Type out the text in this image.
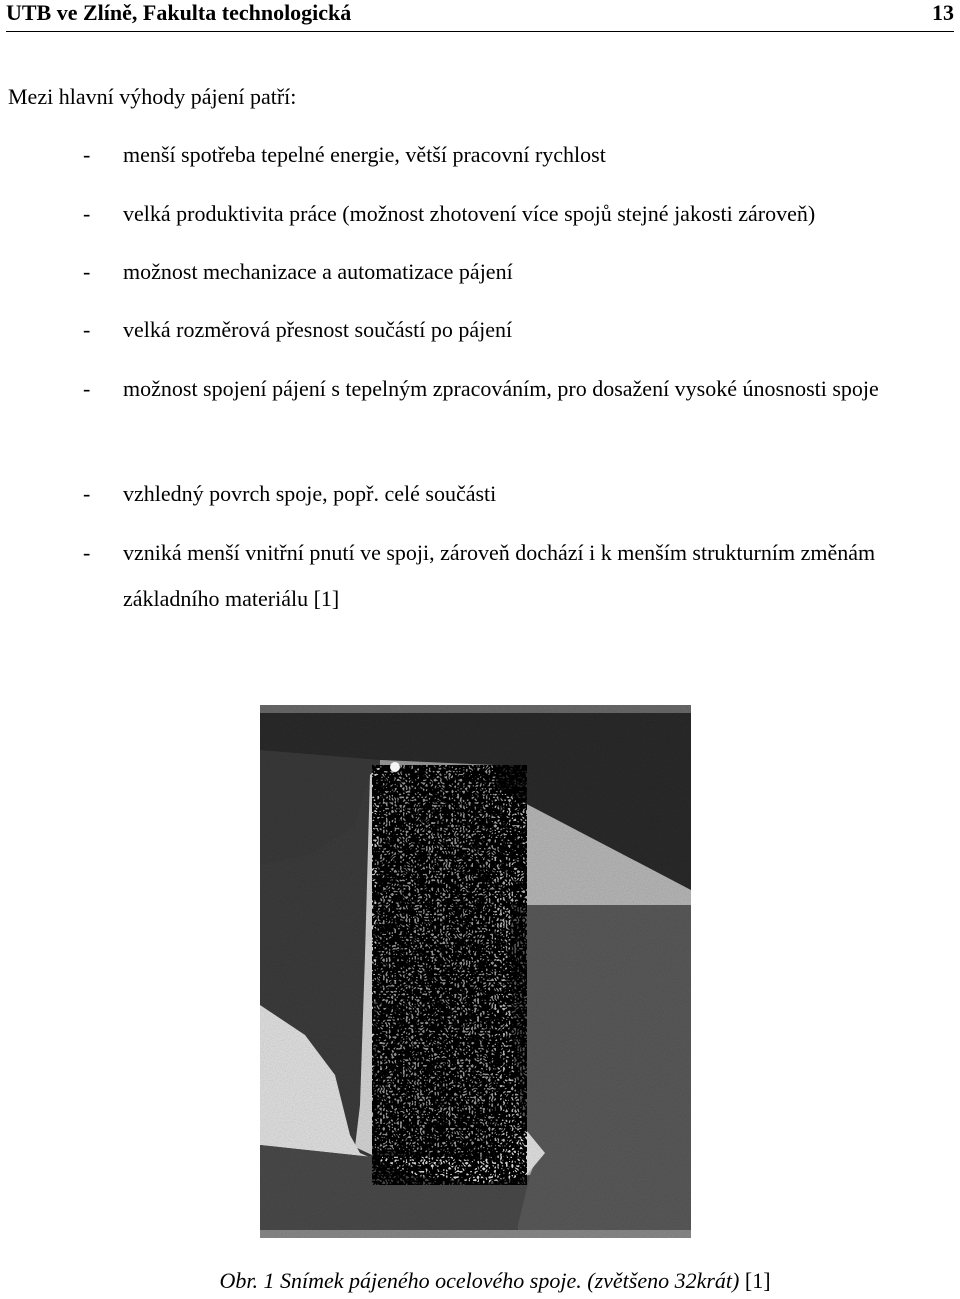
UTB ve Zlíně, Fakulta technologická	13

Mezi hlavní výhody pájení patří:

- menší spotřeba tepelné energie, větší pracovní rychlost
- velká produktivita práce (možnost zhotovení více spojů stejné jakosti zároveň)
- možnost mechanizace a automatizace pájení
- velká rozměrová přesnost součástí po pájení
- možnost spojení pájení s tepelným zpracováním, pro dosažení vysoké únosnosti spoje
- vzhledný povrch spoje, popř. celé součásti
- vzniká menší vnitřní pnutí ve spoji, zároveň dochází i k menším strukturním změnám základního materiálu [1]
Obr. 1 Snímek pájeného ocelového spoje. (zvětšeno 32krát) [1]
